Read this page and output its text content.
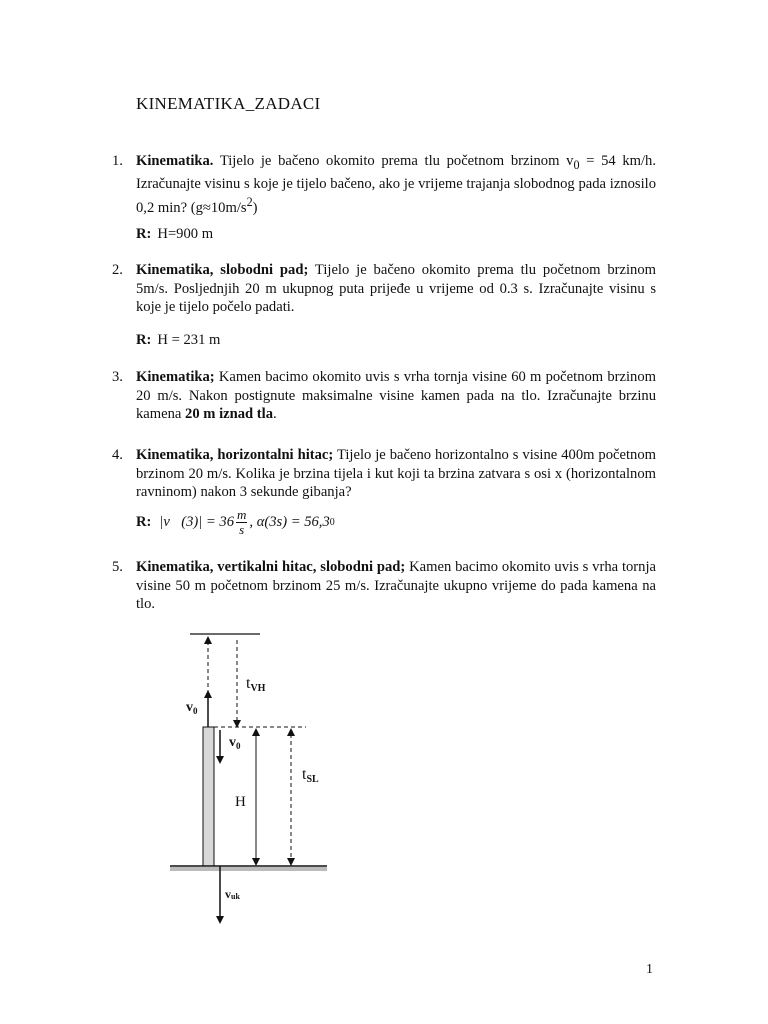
KINEMATIKA_ZADACI
1. Kinematika. Tijelo je bačeno okomito prema tlu početnom brzinom $v_0 = 54$ km/h. Izračunajte visinu s koje je tijelo bačeno, ako je vrijeme trajanja slobodnog pada iznosilo 0,2 min? $(g\approx 10m/s^2)$
R: H=900 m
2. Kinematika, slobodni pad; Tijelo je bačeno okomito prema tlu početnom brzinom 5m/s. Posljednjih 20 m ukupnog puta prijeđe u vrijeme od 0.3 s. Izračunajte visinu s koje je tijelo počelo padati.
R: H = 231 m
3. Kinematika; Kamen bacimo okomito uvis s vrha tornja visine 60 m početnom brzinom 20 m/s. Nakon postignute maksimalne visine kamen pada na tlo. Izračunajte brzinu kamena 20 m iznad tla.
4. Kinematika, horizontalni hitac; Tijelo je bačeno horizontalno s visine 400m početnom brzinom 20 m/s. Kolika je brzina tijela i kut koji ta brzina zatvara s osi x (horizontalnom ravninom) nakon 3 sekunde gibanja?
R: |v⃗(3)| = $36 \frac{m}{s}$ , α(3s) = 56,3 0
5. Kinematika, vertikalni hitac, slobodni pad; Kamen bacimo okomito uvis s vrha tornja visine 50 m početnom brzinom 25 m/s. Izračunajte ukupno vrijeme do pada kamena na tlo.
tVH
$v_0$
$v_0$
tSL
H
vuk
1
